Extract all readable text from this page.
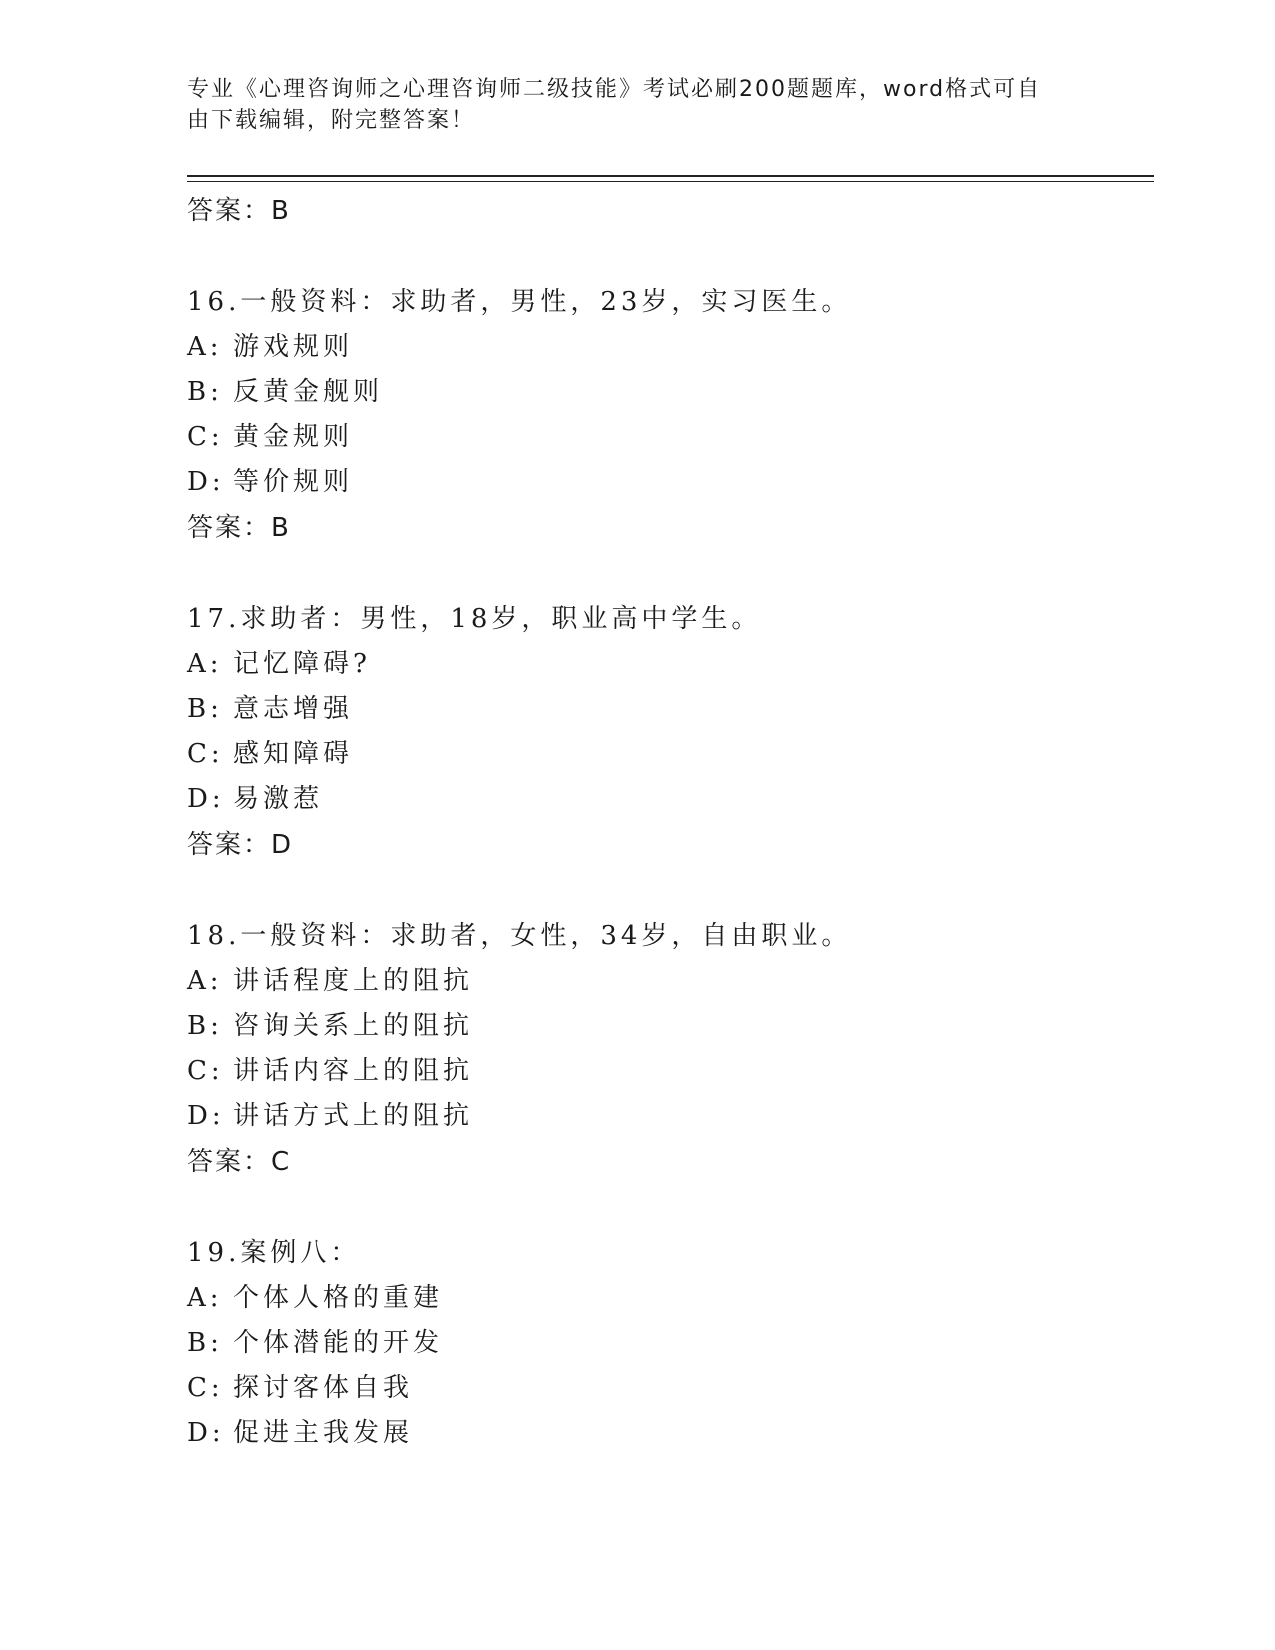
专业《心理咨询师之心理咨询师二级技能》考试必刷200题题库，word格式可自
由下载编辑，附完整答案！
答案：B
16.一般资料：求助者，男性，23岁，实习医生。
A: 游戏规则
B: 反黄金舰则
C: 黄金规则
D: 等价规则
答案：B
17.求助者：男性，18岁，职业高中学生。
A: 记忆障碍?
B: 意志增强
C: 感知障碍
D: 易激惹
答案：D
18.一般资料：求助者，女性，34岁，自由职业。
A: 讲话程度上的阻抗
B: 咨询关系上的阻抗
C: 讲话内容上的阻抗
D: 讲话方式上的阻抗
答案：C
19.案例八：
A: 个体人格的重建
B: 个体潜能的开发
C: 探讨客体自我
D: 促进主我发展
